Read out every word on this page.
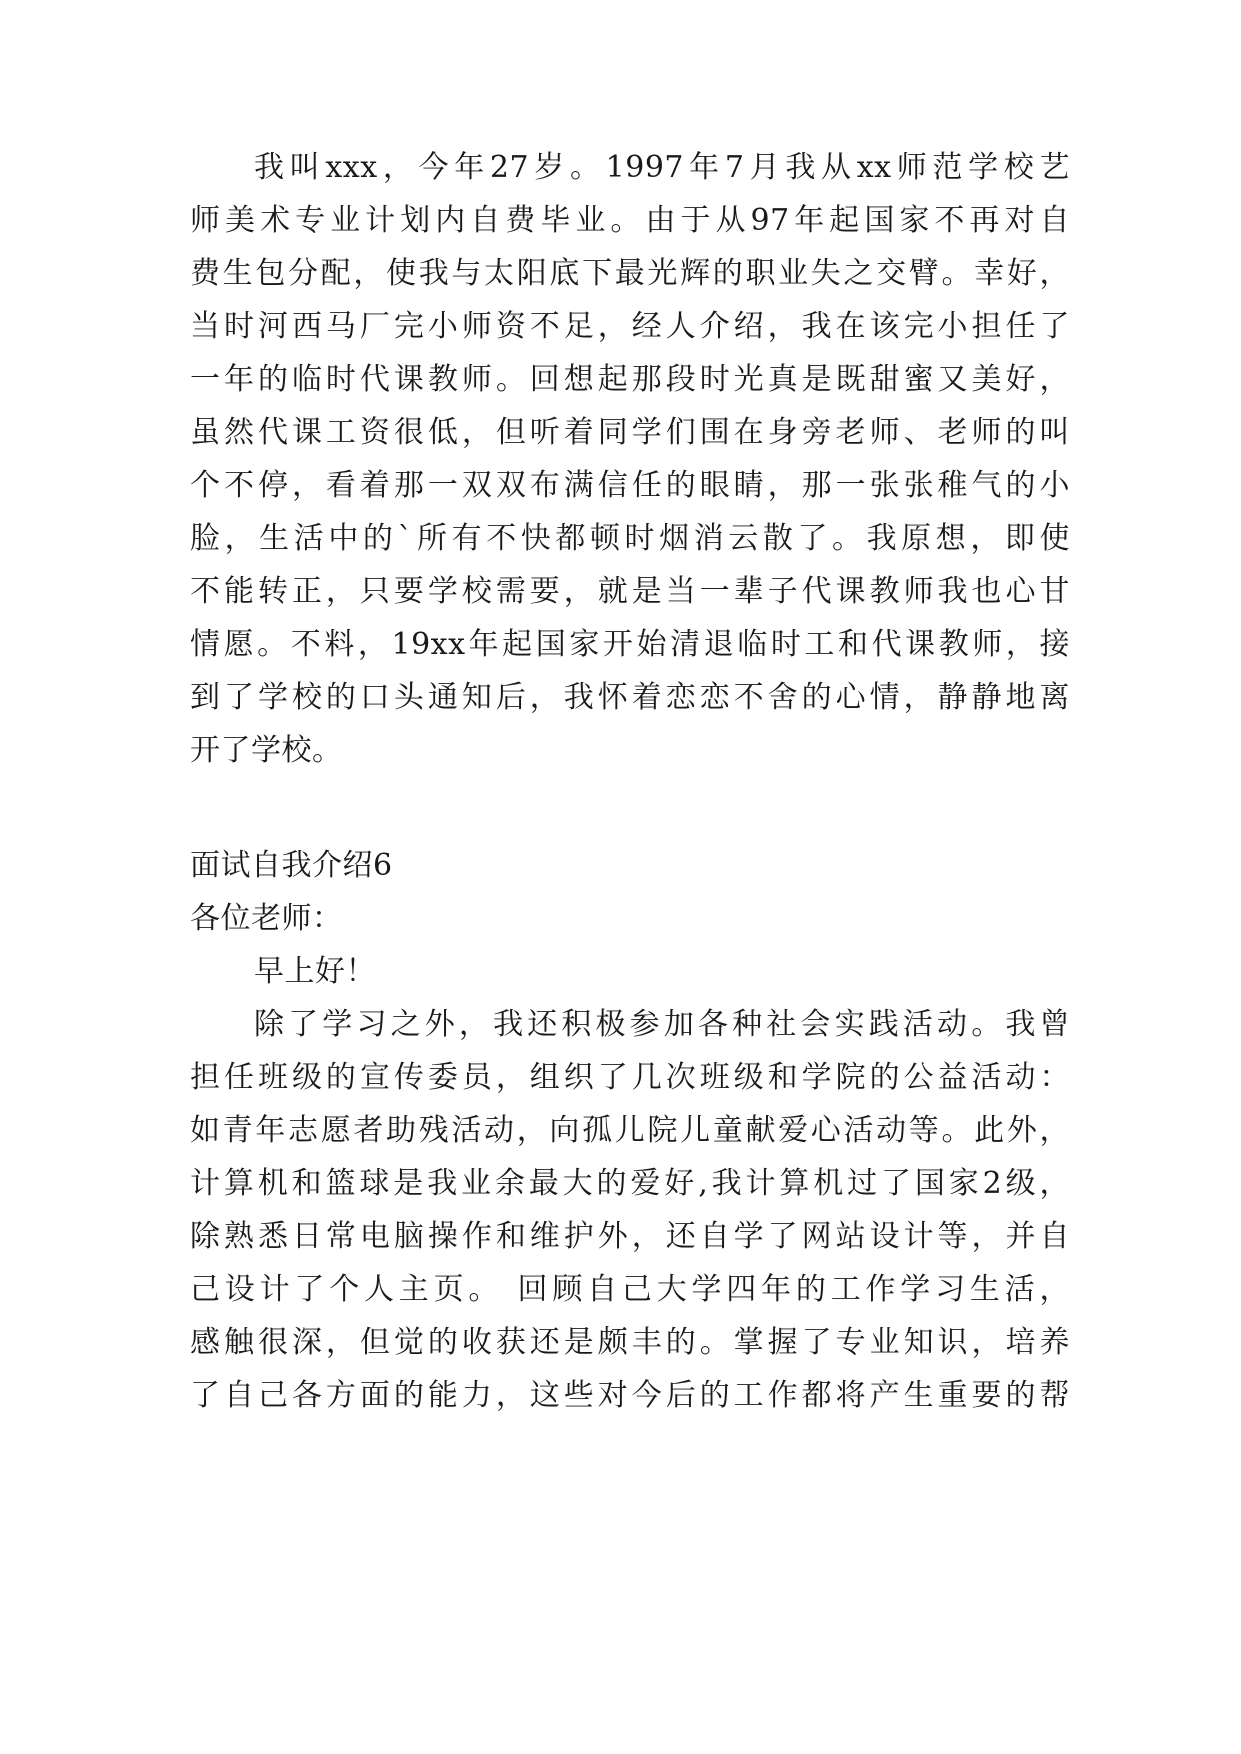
我叫xxx，今年27岁。1997年7月我从xx师范学校艺
师美术专业计划内自费毕业。由于从97年起国家不再对自
费生包分配，使我与太阳底下最光辉的职业失之交臂。幸好，
当时河西马厂完小师资不足，经人介绍，我在该完小担任了
一年的临时代课教师。回想起那段时光真是既甜蜜又美好，
虽然代课工资很低，但听着同学们围在身旁老师、老师的叫
个不停，看着那一双双布满信任的眼睛，那一张张稚气的小
脸，生活中的`所有不快都顿时烟消云散了。我原想，即使
不能转正，只要学校需要，就是当一辈子代课教师我也心甘
情愿。不料，19xx年起国家开始清退临时工和代课教师，接
到了学校的口头通知后，我怀着恋恋不舍的心情，静静地离
开了学校。
面试自我介绍6
各位老师：
早上好！
除了学习之外，我还积极参加各种社会实践活动。我曾
担任班级的宣传委员，组织了几次班级和学院的公益活动：
如青年志愿者助残活动，向孤儿院儿童献爱心活动等。此外，
计算机和篮球是我业余最大的爱好,我计算机过了国家2级，
除熟悉日常电脑操作和维护外，还自学了网站设计等，并自
己设计了个人主页。 回顾自己大学四年的工作学习生活，
感触很深，但觉的收获还是颇丰的。掌握了专业知识，培养
了自己各方面的能力，这些对今后的工作都将产生重要的帮
